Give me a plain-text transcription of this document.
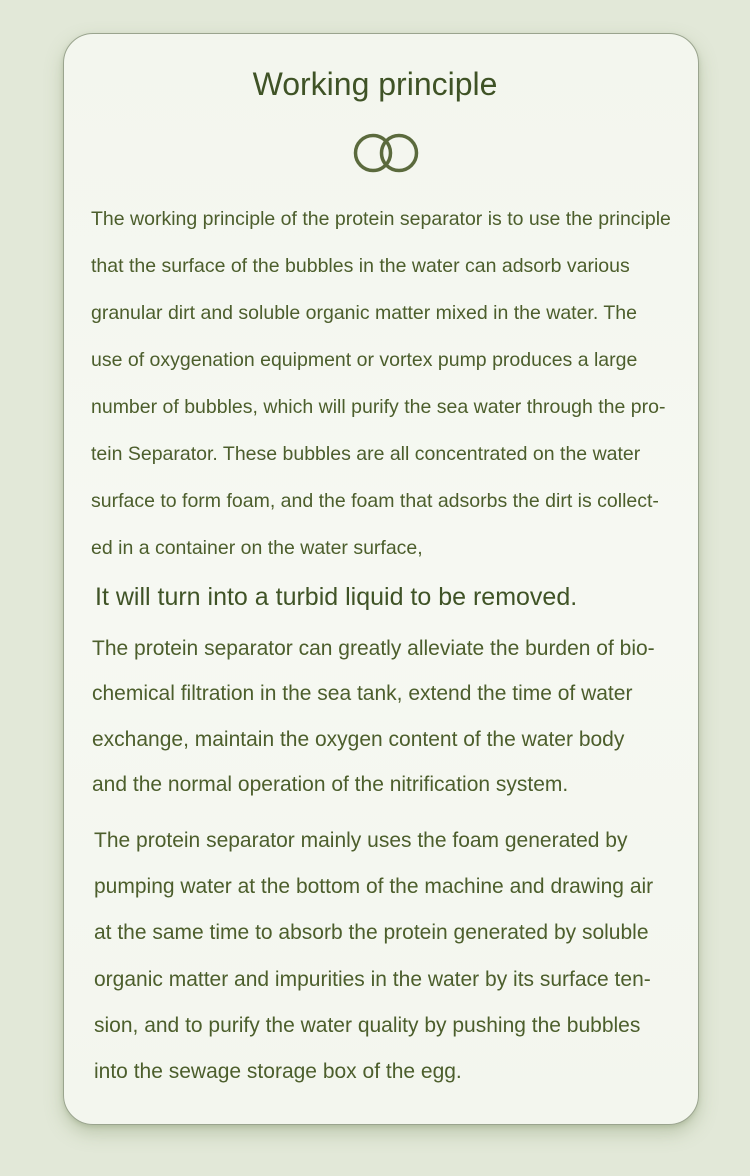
Working principle
The working principle of the protein separator is to use the principle
that the surface of the bubbles in the water can adsorb various
granular dirt and soluble organic matter mixed in the water. The
use of oxygenation equipment or vortex pump produces a large
number of bubbles, which will purify the sea water through the pro-
tein Separator. These bubbles are all concentrated on the water
surface to form foam, and the foam that adsorbs the dirt is collect-
ed in a container on the water surface,

It will turn into a turbid liquid to be removed.

The protein separator can greatly alleviate the burden of bio-
chemical filtration in the sea tank, extend the time of water
exchange, maintain the oxygen content of the water body
and the normal operation of the nitrification system.
The protein separator mainly uses the foam generated by
pumping water at the bottom of the machine and drawing air
at the same time to absorb the protein generated by soluble
organic matter and impurities in the water by its surface ten-
sion, and to purify the water quality by pushing the bubbles
into the sewage storage box of the egg.
